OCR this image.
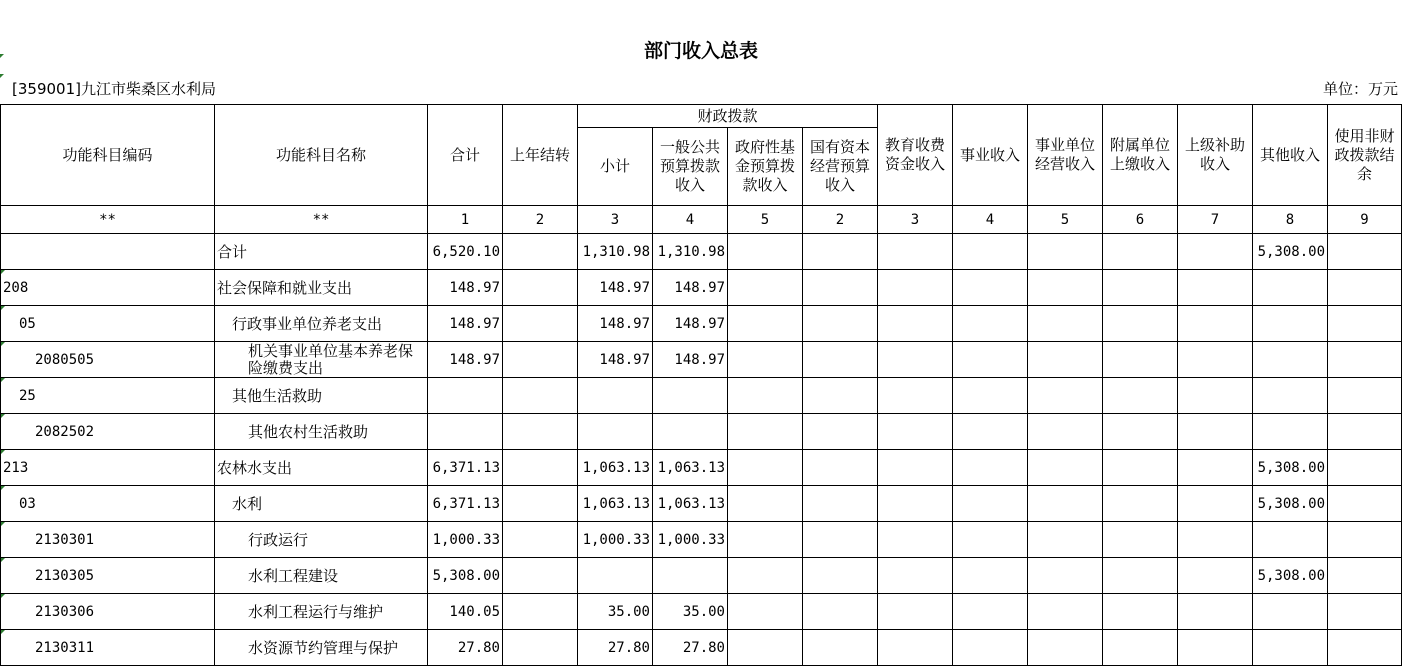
部门收入总表
[359001]九江市柴桑区水利局	单位：万元
功能科目编码	功能科目名称	合计	上年结转	财政拨款				教育收费资金收入	事业收入	事业单位经营收入	附属单位上缴收入	上级补助收入	其他收入	使用非财政拨款结余
				小计	一般公共预算拨款收入	政府性基金预算拨款收入	国有资本经营预算收入							
**	**	1	2	3	4	5	2	3	4	5	6	7	8	9
	合计	6,520.10		1,310.98	1,310.98								5,308.00	
208	社会保障和就业支出	148.97		148.97	148.97									
05	行政事业单位养老支出	148.97		148.97	148.97									
2080505	机关事业单位基本养老保险缴费支出	148.97		148.97	148.97									
25	其他生活救助													
2082502	其他农村生活救助													
213	农林水支出	6,371.13		1,063.13	1,063.13								5,308.00	
03	水利	6,371.13		1,063.13	1,063.13								5,308.00	
2130301	行政运行	1,000.33		1,000.33	1,000.33									
2130305	水利工程建设	5,308.00											5,308.00	
2130306	水利工程运行与维护	140.05		35.00	35.00									
2130311	水资源节约管理与保护	27.80		27.80	27.80									
